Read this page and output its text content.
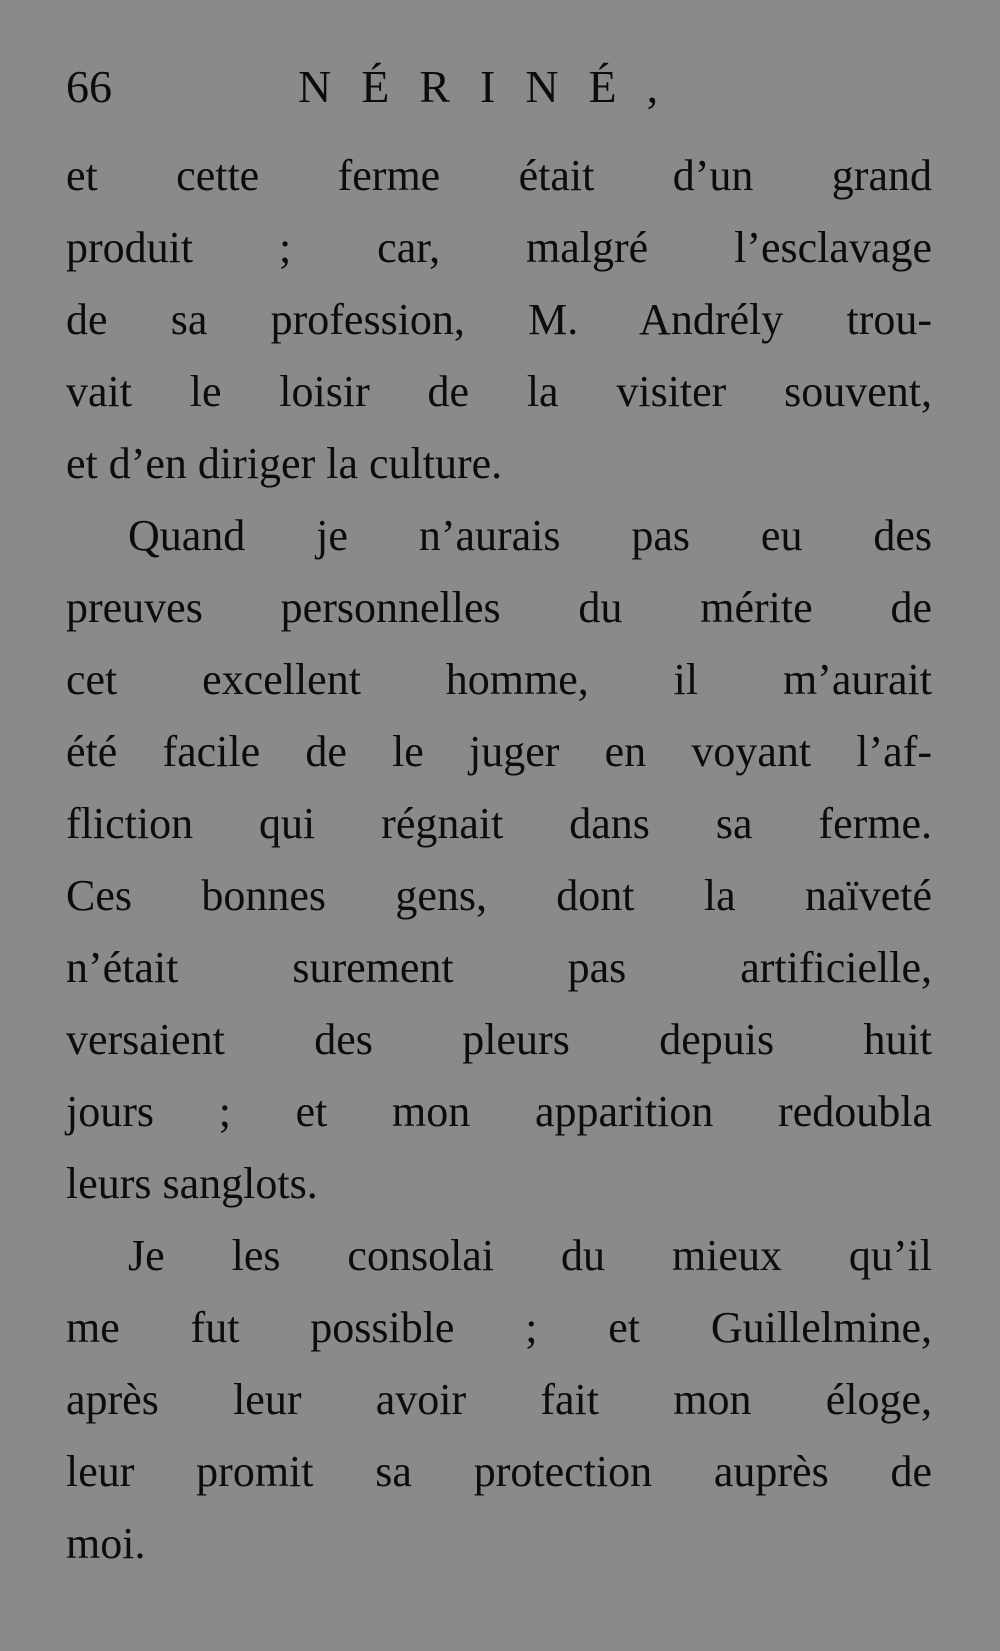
66	NÉRINÉ,
et cette ferme était d’un grand
produit ; car, malgré l’esclavage
de sa profession, M. Andrély trou-
vait le loisir de la visiter souvent,
et d’en diriger la culture.
Quand je n’aurais pas eu des
preuves personnelles du mérite de
cet excellent homme, il m’aurait
été facile de le juger en voyant l’af-
fliction qui régnait dans sa ferme.
Ces bonnes gens, dont la naïveté
n’était surement pas artificielle,
versaient des pleurs depuis huit
jours ; et mon apparition redoubla
leurs sanglots.
Je les consolai du mieux qu’il
me fut possible ; et Guillelmine,
après leur avoir fait mon éloge,
leur promit sa protection auprès de
moi.
